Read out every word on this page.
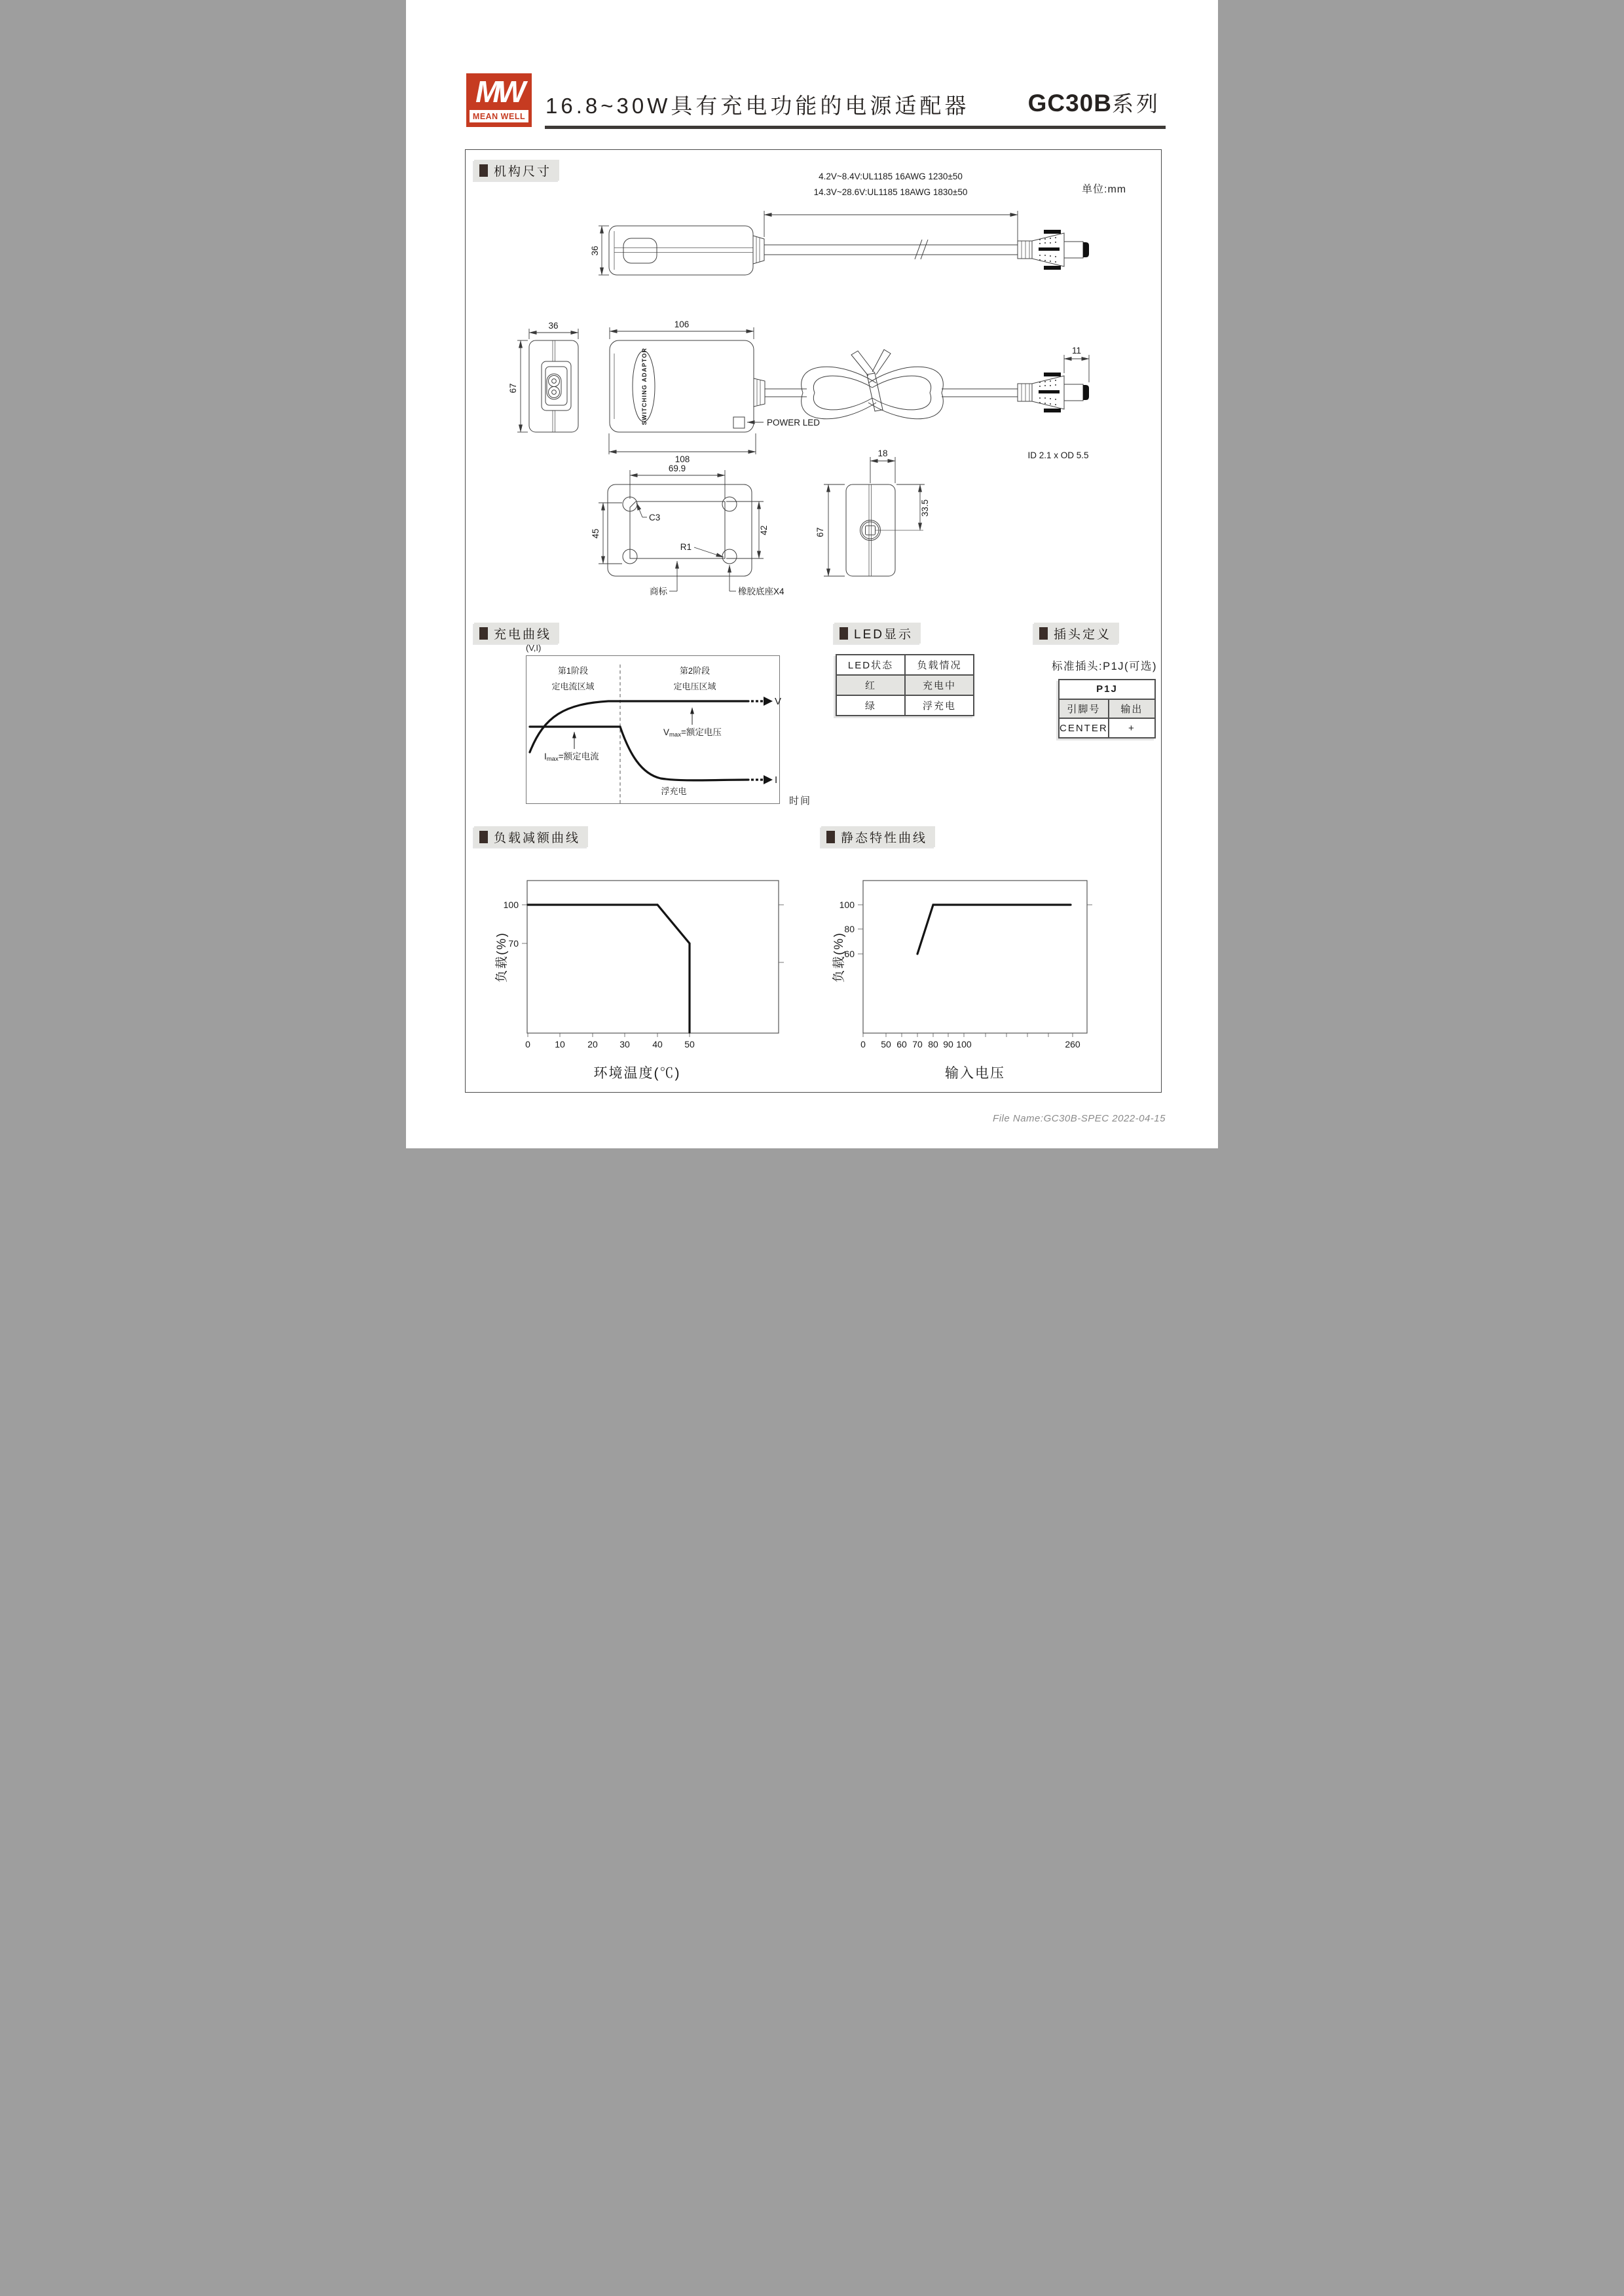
MW
MEAN WELL 16.8~30W具有充电功能的电源适配器 GC30B系列
机构尺寸
单位:mm
4.2V~8.4V:UL1185 16AWG 1230±50
14.3V~28.6V:UL1185 18AWG 1830±50
36
36
67	SWITCHING ADAPTOR
106
108
POWER LED
11
ID 2.1 x OD 5.5
69.9
45	42
C3
R1
商标	橡胶底座X4
18
33.5
67
充电曲线
(V,I)
第1阶段
定电流区域
第2阶段
定电压区域
V
I
Vmax=额定电压
Imax=额定电流
浮充电
时间
LED显示
LED状态	负载情况
红	充电中
绿	浮充电
插头定义
标准插头:P1J(可选)
P1J
引脚号	输出
CENTER	+
负载减额曲线
100
70
0	10 20 30 40 50
负载(%)
环境温度(℃)
静态特性曲线
100
80
60
0 50 60 70 80 90 100	260
负载(%)
输入电压
File Name:GC30B-SPEC 2022-04-15
